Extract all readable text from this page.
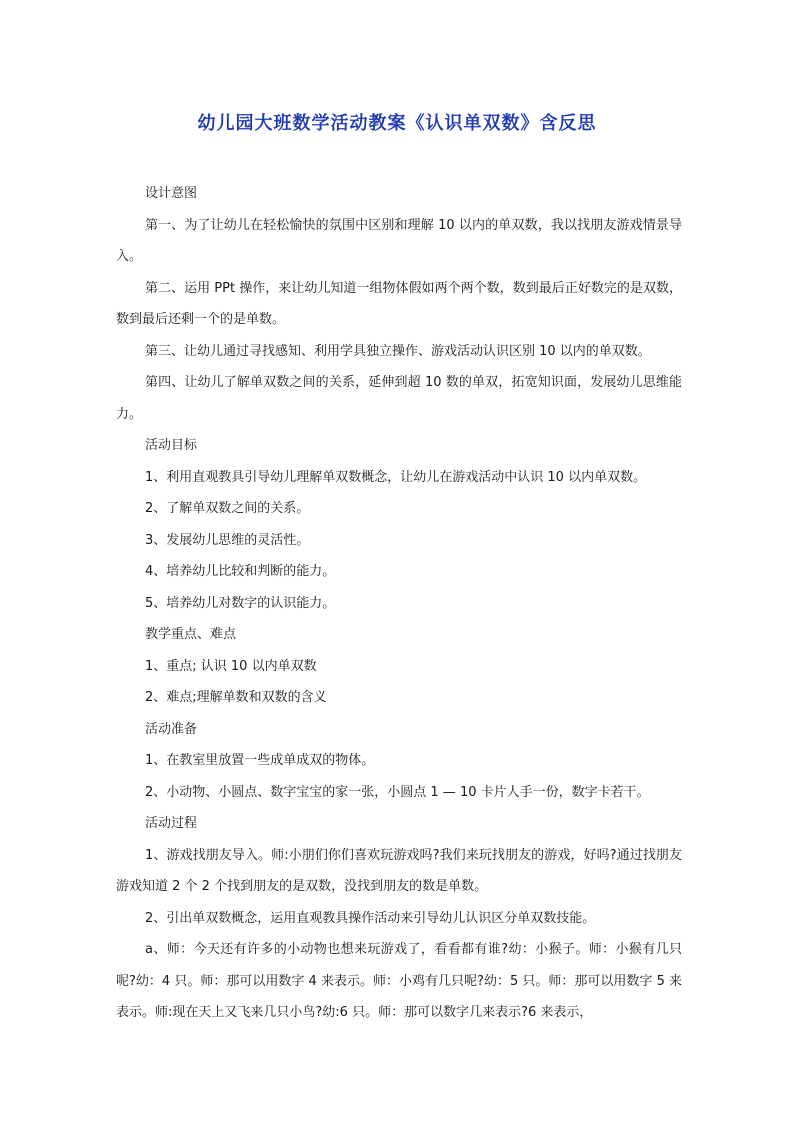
幼儿园大班数学活动教案《认识单双数》含反思

设计意图

第一、为了让幼儿在轻松愉快的氛围中区别和理解 10 以内的单双数，我以找朋友游戏情景导入。

第二、运用 PPt 操作，来让幼儿知道一组物体假如两个两个数，数到最后正好数完的是双数，数到最后还剩一个的是单数。

第三、让幼儿通过寻找感知、利用学具独立操作、游戏活动认识区别 10 以内的单双数。

第四、让幼儿了解单双数之间的关系，延伸到超 10 数的单双，拓宽知识面，发展幼儿思维能力。

活动目标

1、利用直观教具引导幼儿理解单双数概念，让幼儿在游戏活动中认识 10 以内单双数。

2、了解单双数之间的关系。

3、发展幼儿思维的灵活性。

4、培养幼儿比较和判断的能力。

5、培养幼儿对数字的认识能力。

教学重点、难点

1、重点; 认识 10 以内单双数

2、难点;理解单数和双数的含义

活动准备

1、在教室里放置一些成单成双的物体。

2、小动物、小圆点、数字宝宝的家一张，小圆点 1 — 10 卡片人手一份，数字卡若干。

活动过程

1、游戏找朋友导入。师:小朋们你们喜欢玩游戏吗?我们来玩找朋友的游戏，好吗?通过找朋友游戏知道 2 个 2 个找到朋友的是双数，没找到朋友的数是单数。

2、引出单双数概念，运用直观教具操作活动来引导幼儿认识区分单双数技能。

a、师：今天还有许多的小动物也想来玩游戏了，看看都有谁?幼：小猴子。师：小猴有几只呢?幼：4 只。师：那可以用数字 4 来表示。师：小鸡有几只呢?幼：5 只。师：那可以用数字 5 来表示。师:现在天上又飞来几只小鸟?幼:6 只。师：那可以数字几来表示?6 来表示，
